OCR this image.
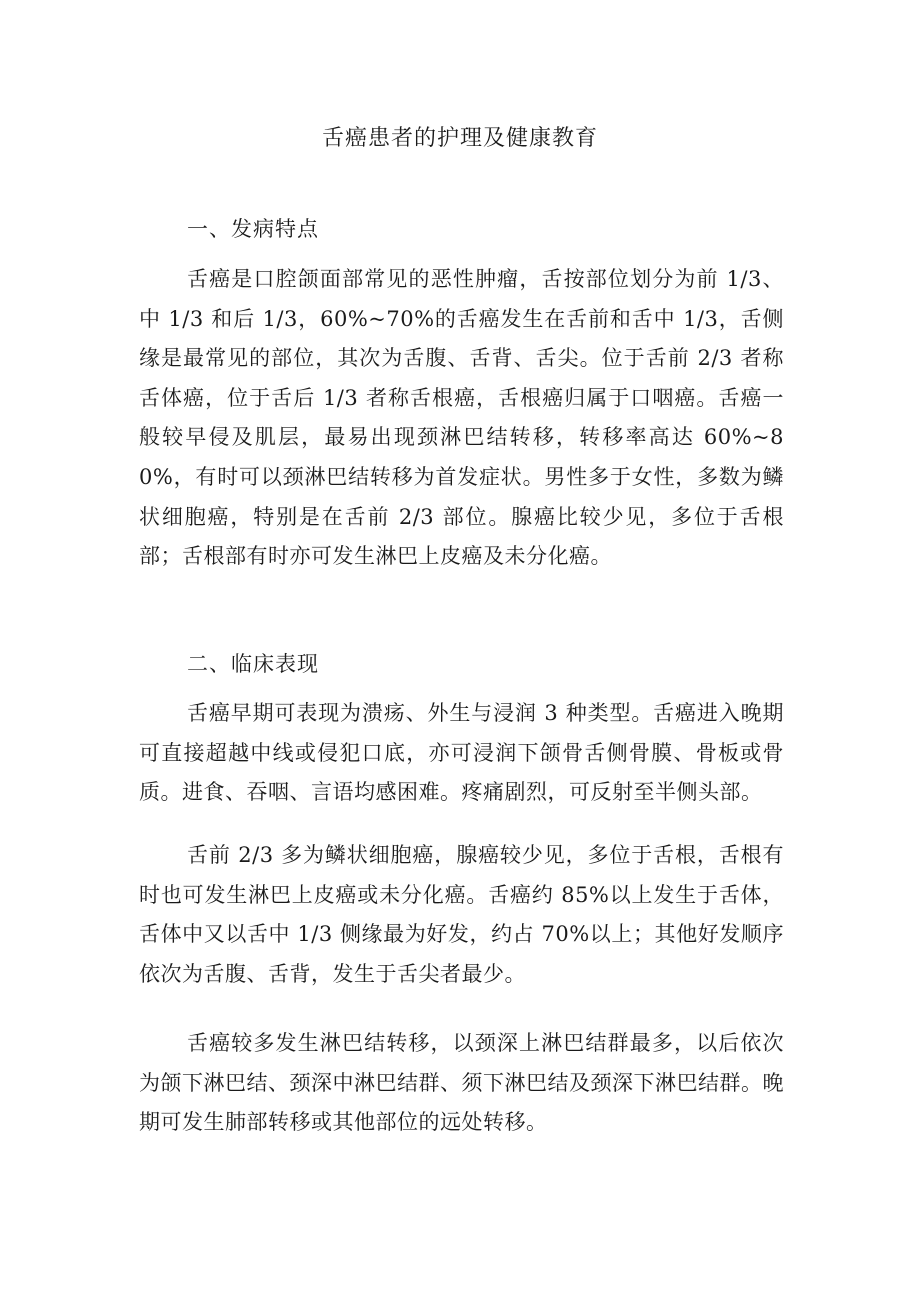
舌癌患者的护理及健康教育
一、发病特点

舌癌是口腔颌面部常见的恶性肿瘤，舌按部位划分为前 1/3、中 1/3 和后 1/3，60%~70%的舌癌发生在舌前和舌中 1/3，舌侧缘是最常见的部位，其次为舌腹、舌背、舌尖。位于舌前 2/3 者称舌体癌，位于舌后 1/3 者称舌根癌，舌根癌归属于口咽癌。舌癌一般较早侵及肌层，最易出现颈淋巴结转移，转移率高达 60%~80%，有时可以颈淋巴结转移为首发症状。男性多于女性，多数为鳞状细胞癌，特别是在舌前 2/3 部位。腺癌比较少见，多位于舌根部；舌根部有时亦可发生淋巴上皮癌及未分化癌。

二、临床表现

舌癌早期可表现为溃疡、外生与浸润 3 种类型。舌癌进入晚期可直接超越中线或侵犯口底，亦可浸润下颌骨舌侧骨膜、骨板或骨质。进食、吞咽、言语均感困难。疼痛剧烈，可反射至半侧头部。

舌前 2/3 多为鳞状细胞癌，腺癌较少见，多位于舌根，舌根有时也可发生淋巴上皮癌或未分化癌。舌癌约 85%以上发生于舌体，舌体中又以舌中 1/3 侧缘最为好发，约占 70%以上；其他好发顺序依次为舌腹、舌背，发生于舌尖者最少。

舌癌较多发生淋巴结转移，以颈深上淋巴结群最多，以后依次为颌下淋巴结、颈深中淋巴结群、须下淋巴结及颈深下淋巴结群。晚期可发生肺部转移或其他部位的远处转移。
